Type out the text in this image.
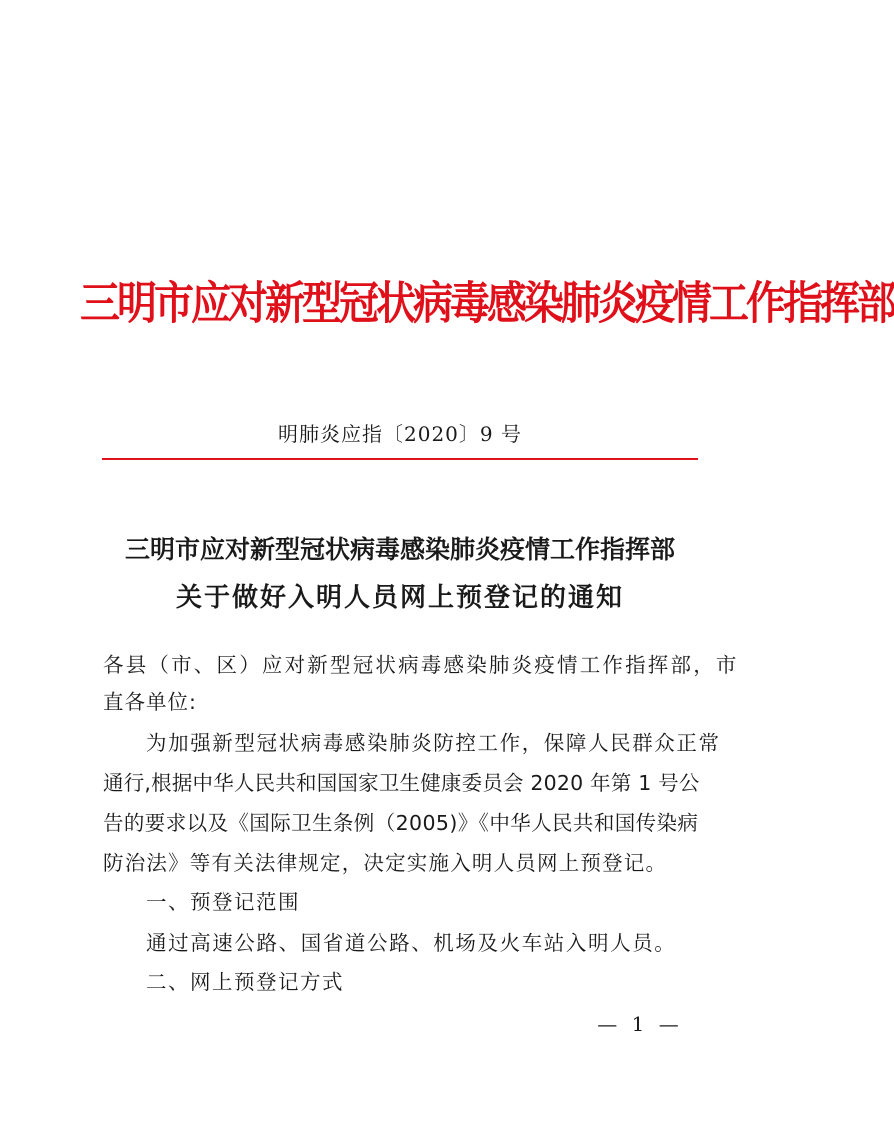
三明市应对新型冠状病毒感染肺炎疫情工作指挥部
明肺炎应指〔2020〕9 号
三明市应对新型冠状病毒感染肺炎疫情工作指挥部
关于做好入明人员网上预登记的通知
各县（市、区）应对新型冠状病毒感染肺炎疫情工作指挥部，市
直各单位:
为加强新型冠状病毒感染肺炎防控工作，保障人民群众正常
通行,根据中华人民共和国国家卫生健康委员会 2020 年第 1 号公
告的要求以及《国际卫生条例（2005)》《中华人民共和国传染病
防治法》等有关法律规定，决定实施入明人员网上预登记。
一、预登记范围
通过高速公路、国省道公路、机场及火车站入明人员。
二、网上预登记方式
— 1 —
